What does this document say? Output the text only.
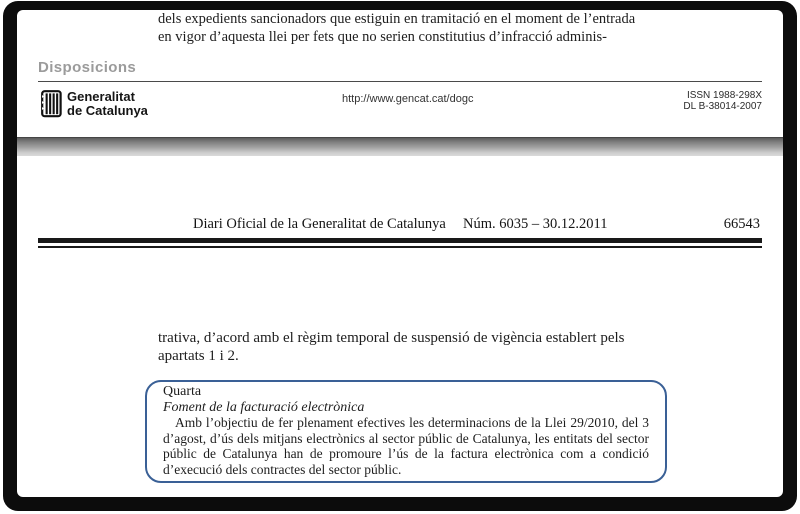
dels expedients sancionadors que estiguin en tramitació en el moment de l’entrada
en vigor d’aquesta llei per fets que no serien constitutius d’infracció adminis-
Disposicions
Generalitat
de Catalunya
http://www.gencat.cat/dogc	ISSN 1988-298X
DL B-38014-2007
Diari Oficial de la Generalitat de Catalunya Núm. 6035 – 30.12.2011	66543
trativa, d’acord amb el règim temporal de suspensió de vigència establert pels
apartats 1 i 2.
Quarta
Foment de la facturació electrònica
Amb l’objectiu de fer plenament efectives les determinacions de la Llei 29/2010, del 3 d’agost, d’ús dels mitjans electrònics al sector públic de Catalunya, les entitats del sector públic de Catalunya han de promoure l’ús de la factura electrònica com a condició d’execució dels contractes del sector públic.
